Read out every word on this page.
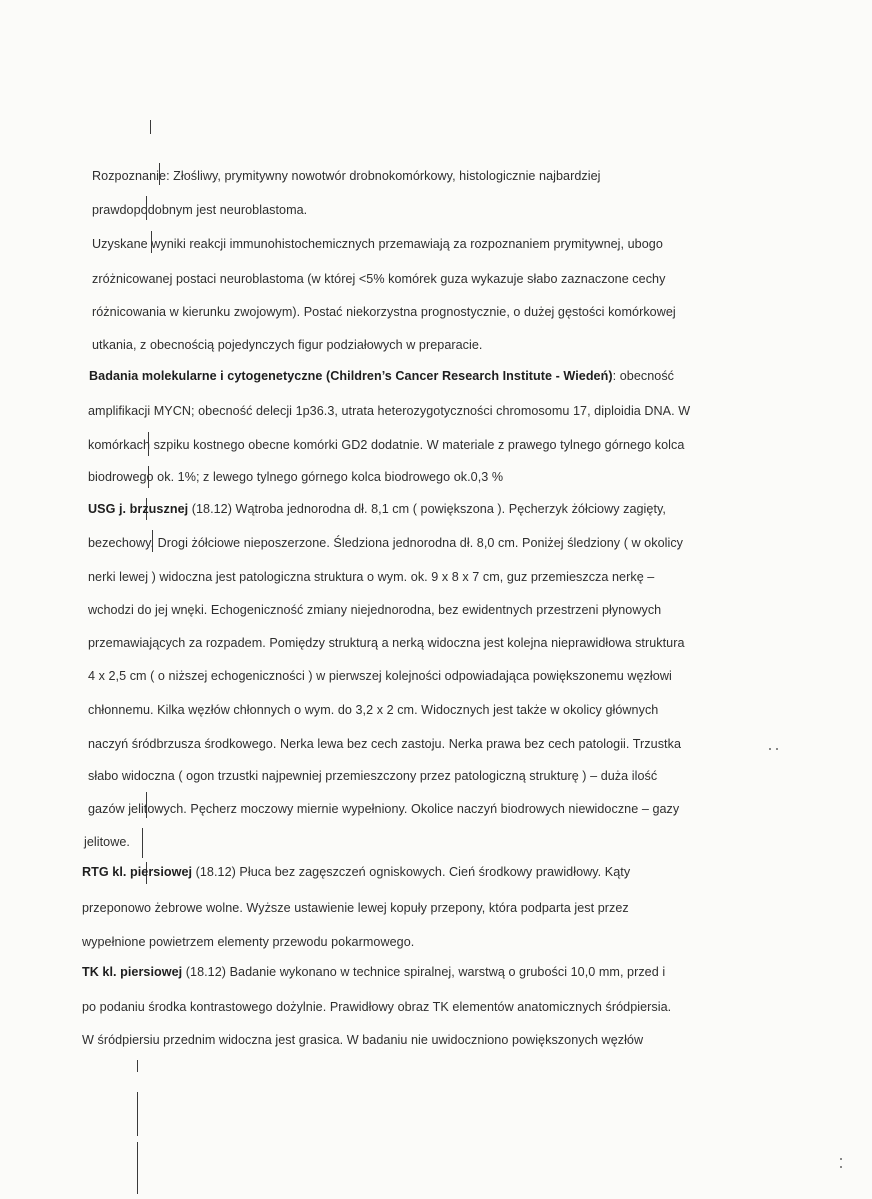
Rozpoznanie: Złośliwy, prymitywny nowotwór drobnokomórkowy, histologicznie najbardziej
prawdopodobnym jest neuroblastoma.
Uzyskane wyniki reakcji immunohistochemicznych przemawiają za rozpoznaniem prymitywnej, ubogo
zróżnicowanej postaci neuroblastoma (w której <5% komórek guza wykazuje słabo zaznaczone cechy
różnicowania w kierunku zwojowym). Postać niekorzystna prognostycznie, o dużej gęstości komórkowej
utkania, z obecnością pojedynczych figur podziałowych w preparacie.
Badania molekularne i cytogenetyczne (Children’s Cancer Research Institute - Wiedeń): obecność
amplifikacji MYCN; obecność delecji 1p36.3, utrata heterozygotyczności chromosomu 17, diploidia DNA. W
komórkach szpiku kostnego obecne komórki GD2 dodatnie. W materiale z prawego tylnego górnego kolca
biodrowego ok. 1%; z lewego tylnego górnego kolca biodrowego ok.0,3 %
USG j. brzusznej (18.12) Wątroba jednorodna dł. 8,1 cm ( powiększona ). Pęcherzyk żółciowy zagięty,
bezechowy. Drogi żółciowe nieposzerzone. Śledziona jednorodna dł. 8,0 cm. Poniżej śledziony ( w okolicy
nerki lewej ) widoczna jest patologiczna struktura o wym. ok. 9 x 8 x 7 cm, guz przemieszcza nerkę –
wchodzi do jej wnęki. Echogeniczność zmiany niejednorodna, bez ewidentnych przestrzeni płynowych
przemawiających za rozpadem. Pomiędzy strukturą a nerką widoczna jest kolejna nieprawidłowa struktura
4 x 2,5 cm ( o niższej echogeniczności ) w pierwszej kolejności odpowiadająca powiększonemu węzłowi
chłonnemu. Kilka węzłów chłonnych o wym. do 3,2 x 2 cm. Widocznych jest także w okolicy głównych
naczyń śródbrzusza środkowego. Nerka lewa bez cech zastoju. Nerka prawa bez cech patologii. Trzustka
słabo widoczna ( ogon trzustki najpewniej przemieszczony przez patologiczną strukturę ) – duża ilość
gazów jelitowych. Pęcherz moczowy miernie wypełniony. Okolice naczyń biodrowych niewidoczne – gazy
jelitowe.
RTG kl. piersiowej (18.12) Płuca bez zagęszczeń ogniskowych. Cień środkowy prawidłowy. Kąty
przeponowo żebrowe wolne. Wyższe ustawienie lewej kopuły przepony, która podparta jest przez
wypełnione powietrzem elementy przewodu pokarmowego.
TK kl. piersiowej (18.12) Badanie wykonano w technice spiralnej, warstwą o grubości 10,0 mm, przed i
po podaniu środka kontrastowego dożylnie. Prawidłowy obraz TK elementów anatomicznych śródpiersia.
W śródpiersiu przednim widoczna jest grasica. W badaniu nie uwidoczniono powiększonych węzłów
